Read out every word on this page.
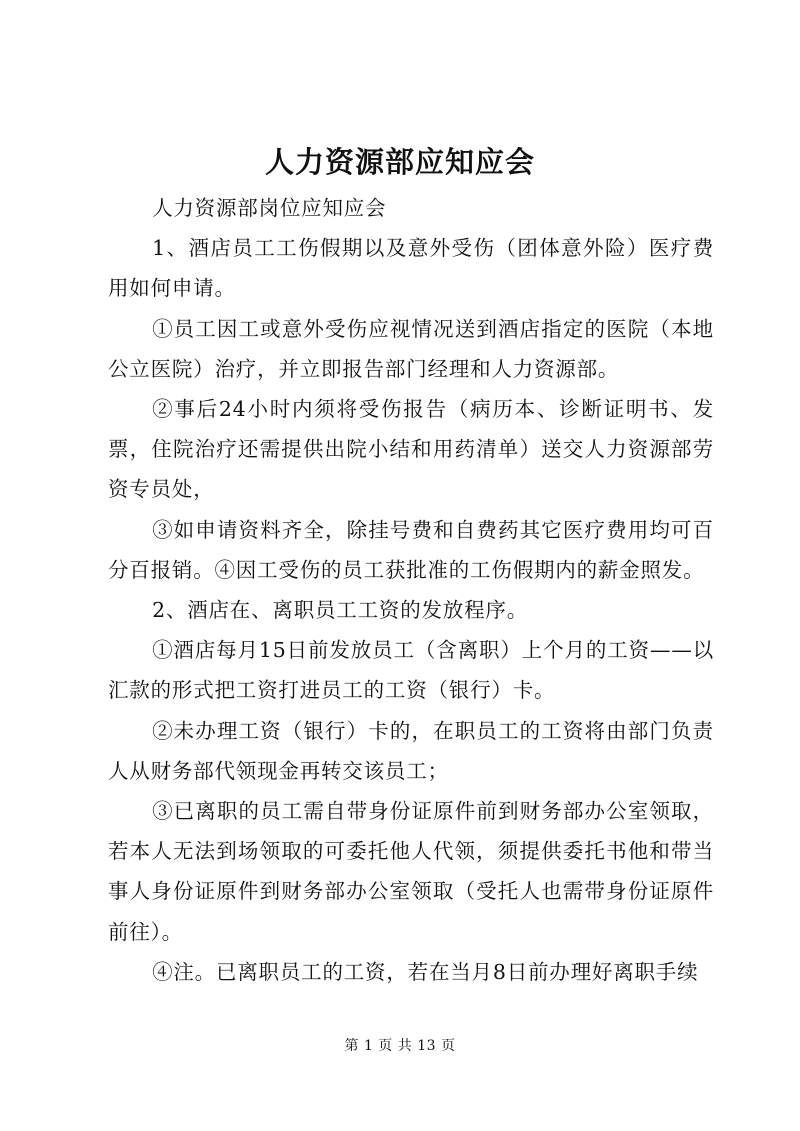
人力资源部应知应会

人力资源部岗位应知应会

1、酒店员工工伤假期以及意外受伤（团体意外险）医疗费用如何申请。

①员工因工或意外受伤应视情况送到酒店指定的医院（本地公立医院）治疗，并立即报告部门经理和人力资源部。

②事后24小时内须将受伤报告（病历本、诊断证明书、发票，住院治疗还需提供出院小结和用药清单）送交人力资源部劳资专员处，

③如申请资料齐全，除挂号费和自费药其它医疗费用均可百分百报销。④因工受伤的员工获批准的工伤假期内的薪金照发。

2、酒店在、离职员工工资的发放程序。

①酒店每月15日前发放员工（含离职）上个月的工资——以汇款的形式把工资打进员工的工资（银行）卡。

②未办理工资（银行）卡的，在职员工的工资将由部门负责人从财务部代领现金再转交该员工；

③已离职的员工需自带身份证原件前到财务部办公室领取，若本人无法到场领取的可委托他人代领，须提供委托书他和带当事人身份证原件到财务部办公室领取（受托人也需带身份证原件前往）。

④注。已离职员工的工资，若在当月8日前办理好离职手续

第 1 页 共 13 页
